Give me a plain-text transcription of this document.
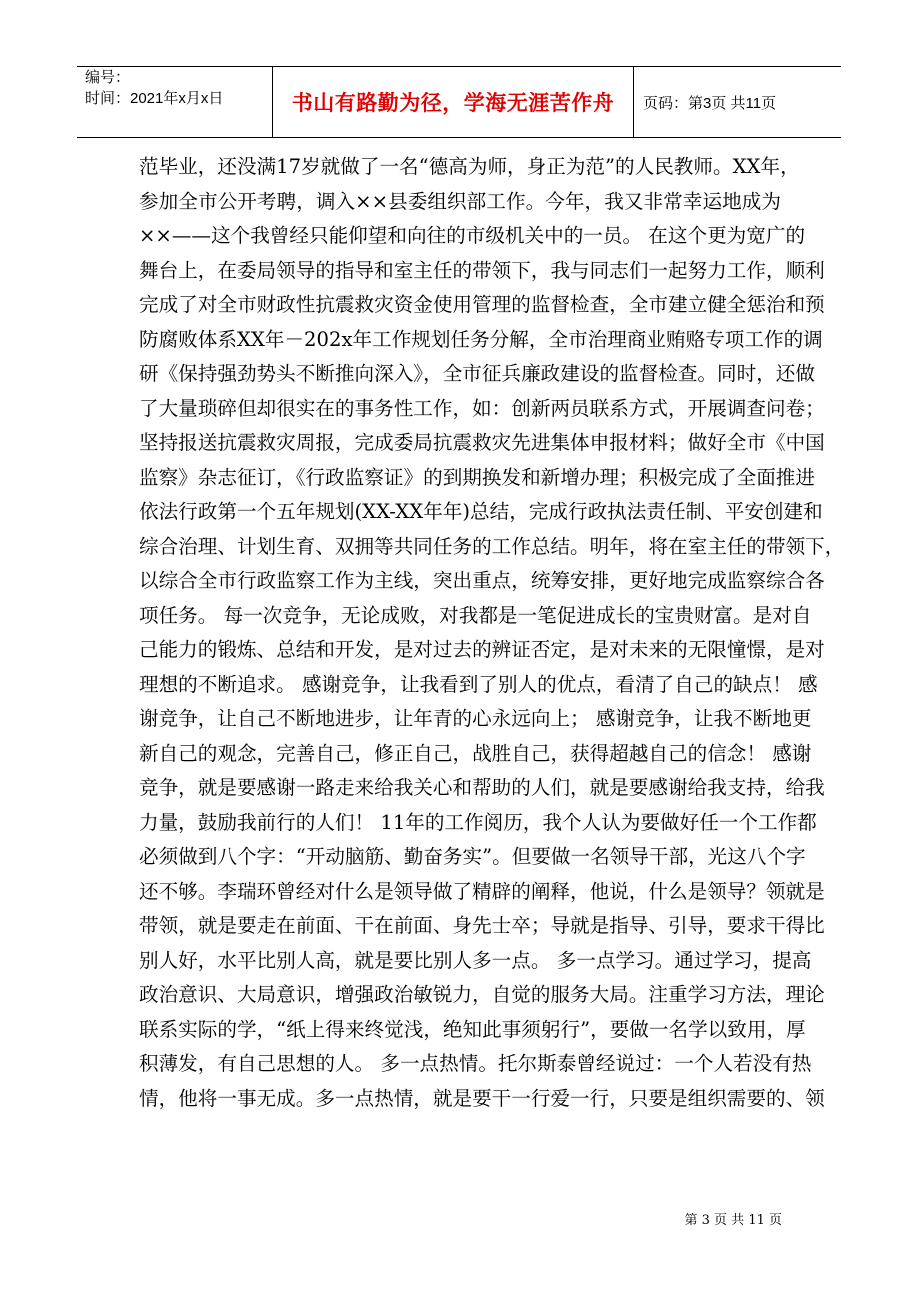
编号：
时间：2021年x月x日	书山有路勤为径，学海无涯苦作舟 页码：第3页 共11页
范毕业，还没满17岁就做了一名“德高为师，身正为范”的人民教师。XX年，
参加全市公开考聘，调入××县委组织部工作。今年，我又非常幸运地成为
××——这个我曾经只能仰望和向往的市级机关中的一员。 在这个更为宽广的
舞台上，在委局领导的指导和室主任的带领下，我与同志们一起努力工作，顺利
完成了对全市财政性抗震救灾资金使用管理的监督检查，全市建立健全惩治和预
防腐败体系XX年－202x年工作规划任务分解，全市治理商业贿赂专项工作的调
研《保持强劲势头不断推向深入》，全市征兵廉政建设的监督检查。同时，还做
了大量琐碎但却很实在的事务性工作，如：创新两员联系方式，开展调查问卷；
坚持报送抗震救灾周报，完成委局抗震救灾先进集体申报材料；做好全市《中国
监察》杂志征订，《行政监察证》的到期换发和新增办理；积极完成了全面推进
依法行政第一个五年规划(XX-XX年年)总结，完成行政执法责任制、平安创建和
综合治理、计划生育、双拥等共同任务的工作总结。明年，将在室主任的带领下，
以综合全市行政监察工作为主线，突出重点，统筹安排，更好地完成监察综合各
项任务。 每一次竞争，无论成败，对我都是一笔促进成长的宝贵财富。是对自
己能力的锻炼、总结和开发，是对过去的辨证否定，是对未来的无限憧憬，是对
理想的不断追求。 感谢竞争，让我看到了别人的优点，看清了自己的缺点！ 感
谢竞争，让自己不断地进步，让年青的心永远向上； 感谢竞争，让我不断地更
新自己的观念，完善自己，修正自己，战胜自己，获得超越自己的信念！ 感谢
竞争，就是要感谢一路走来给我关心和帮助的人们，就是要感谢给我支持，给我
力量，鼓励我前行的人们！ 11年的工作阅历，我个人认为要做好任一个工作都
必须做到八个字：“开动脑筋、勤奋务实”。但要做一名领导干部，光这八个字
还不够。李瑞环曾经对什么是领导做了精辟的阐释，他说，什么是领导？领就是
带领，就是要走在前面、干在前面、身先士卒；导就是指导、引导，要求干得比
别人好，水平比别人高，就是要比别人多一点。 多一点学习。通过学习，提高
政治意识、大局意识，增强政治敏锐力，自觉的服务大局。注重学习方法，理论
联系实际的学，“纸上得来终觉浅，绝知此事须躬行”，要做一名学以致用，厚
积薄发，有自己思想的人。 多一点热情。托尔斯泰曾经说过：一个人若没有热
情，他将一事无成。多一点热情，就是要干一行爱一行，只要是组织需要的、领
第 3 页 共 11 页
